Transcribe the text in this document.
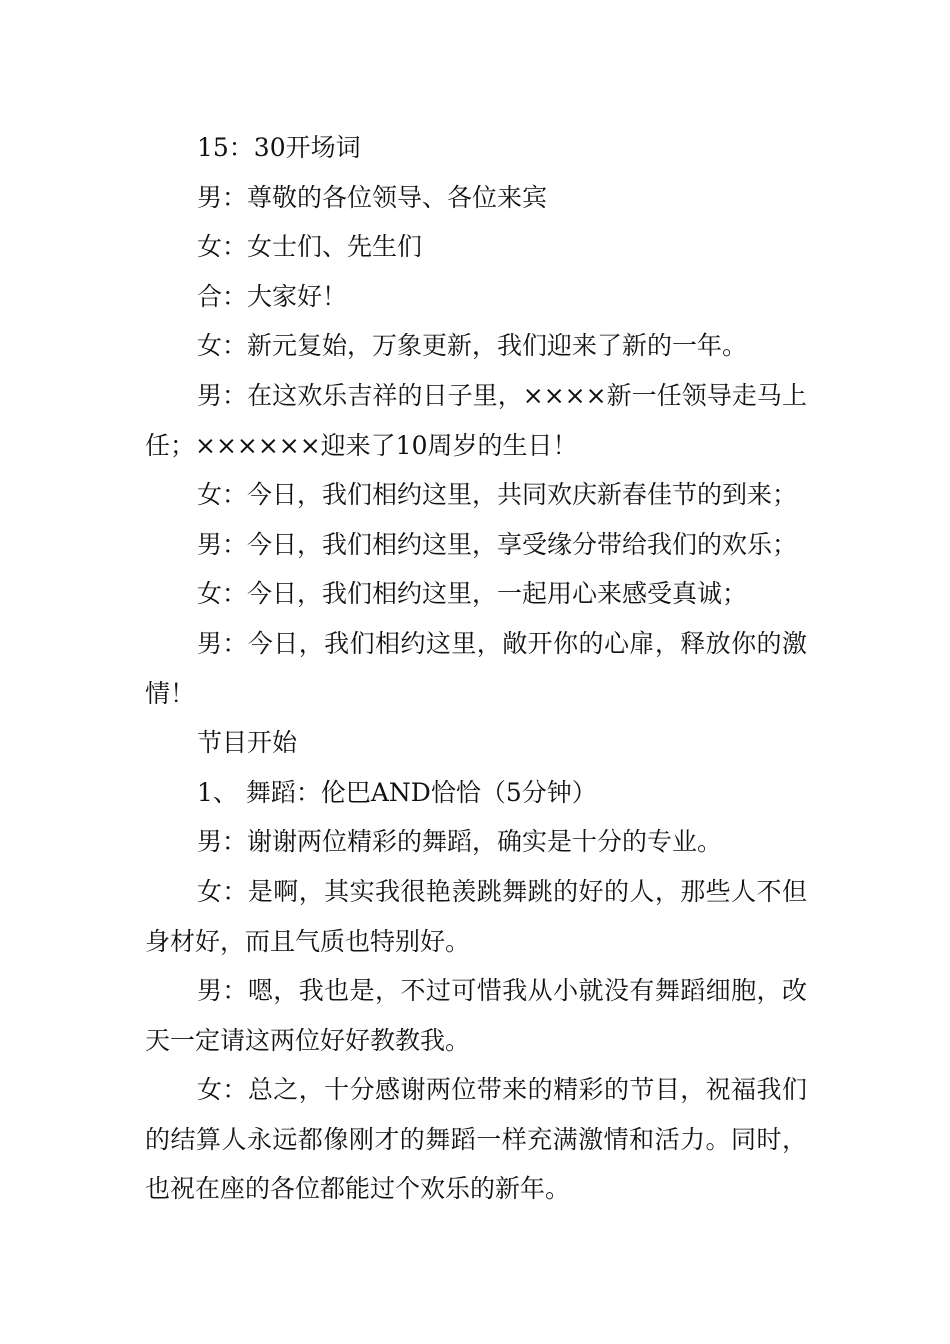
15：30开场词

男：尊敬的各位领导、各位来宾

女：女士们、先生们

合：大家好！

女：新元复始，万象更新，我们迎来了新的一年。

男：在这欢乐吉祥的日子里，××××新一任领导走马上任；××××××迎来了10周岁的生日！

女：今日，我们相约这里，共同欢庆新春佳节的到来；

男：今日，我们相约这里，享受缘分带给我们的欢乐；

女：今日，我们相约这里，一起用心来感受真诚；

男：今日，我们相约这里，敞开你的心扉，释放你的激情！

节目开始

1、 舞蹈：伦巴AND恰恰（5分钟）

男：谢谢两位精彩的舞蹈，确实是十分的专业。

女：是啊，其实我很艳羡跳舞跳的好的人，那些人不但身材好，而且气质也特别好。

男：嗯，我也是，不过可惜我从小就没有舞蹈细胞，改天一定请这两位好好教教我。

女：总之，十分感谢两位带来的精彩的节目，祝福我们的结算人永远都像刚才的舞蹈一样充满激情和活力。同时，也祝在座的各位都能过个欢乐的新年。
